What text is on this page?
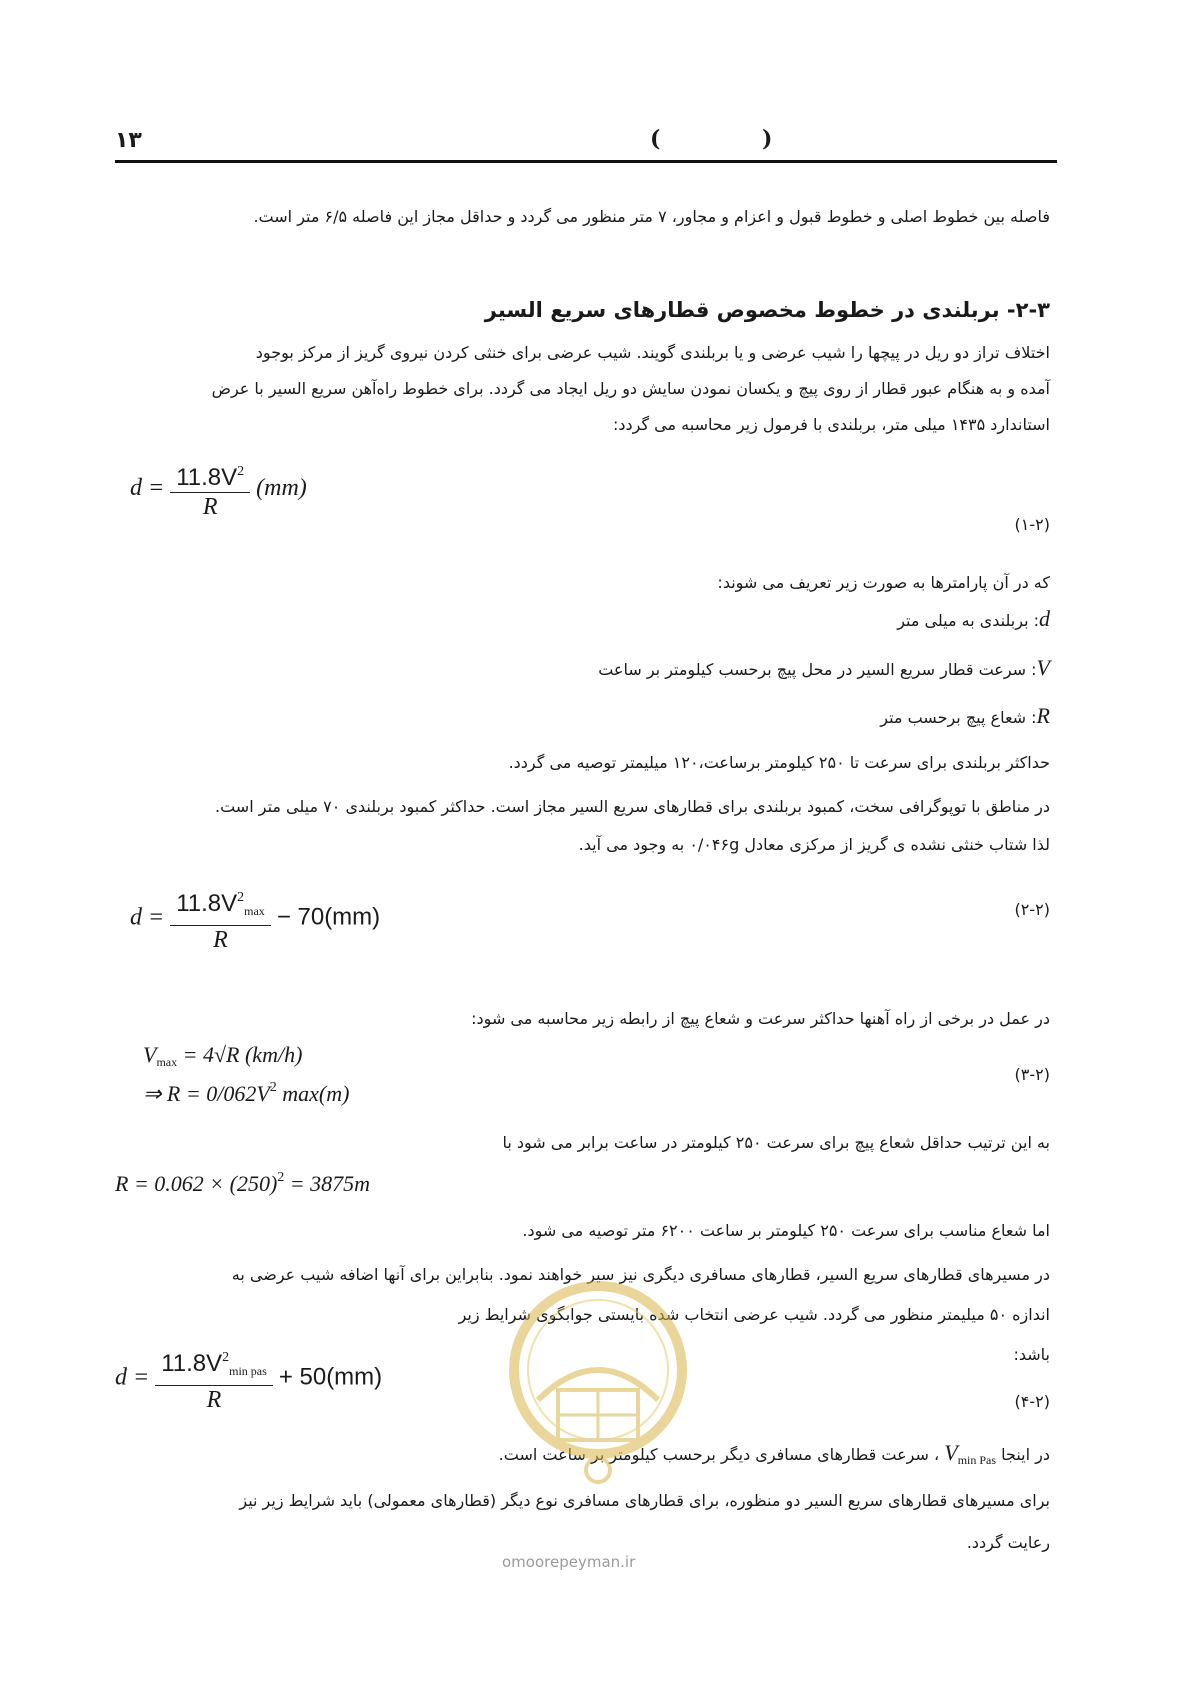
۱۳	(	)
فاصله بین خطوط اصلی و خطوط قبول و اعزام و مجاور، ۷ متر منظور می گردد و حداقل مجاز این فاصله ۶/۵ متر است.
۲-۳- بربلندی در خطوط مخصوص قطارهای سریع السیر
اختلاف تراز دو ریل در پیچها را شیب عرضی و یا بربلندی گویند. شیب عرضی برای خنثی کردن نیروی گریز از مرکز بوجود
آمده و به هنگام عبور قطار از روی پیچ و یکسان نمودن سایش دو ریل ایجاد می گردد. برای خطوط راه‌آهن سریع السیر با عرض
استاندارد ۱۴۳۵ میلی متر، بربلندی با فرمول زیر محاسبه می گردد:
$d = \frac{11.8V^2}{R} (mm)$
(۱-۲)
که در آن پارامترها به صورت زیر تعریف می شوند:
d: بربلندی به میلی متر
V: سرعت قطار سریع السیر در محل پیچ برحسب کیلومتر بر ساعت
R: شعاع پیچ برحسب متر
حداکثر بربلندی برای سرعت تا ۲۵۰ کیلومتر برساعت،۱۲۰ میلیمتر توصیه می گردد.
در مناطق با توپوگرافی سخت، کمبود بربلندی برای قطارهای سریع السیر مجاز است. حداکثر کمبود بربلندی ۷۰ میلی متر است.
لذا شتاب خنثی نشده ی گریز از مرکزی معادل ۰/۰۴۶g به وجود می آید.
$d = \frac{11.8V^2_{max}}{R} - 70(mm)$	(۲-۲)
در عمل در برخی از راه آهنها حداکثر سرعت و شعاع پیچ از رابطه زیر محاسبه می شود:
$V_{max} = 4√R$ (km/h)
⇒ $R = 0/062V^2$ max(m)
(۳-۲)
به این ترتیب حداقل شعاع پیچ برای سرعت ۲۵۰ کیلومتر در ساعت برابر می شود با
$R = 0.062 \times (250)^2 = 3875m$
اما شعاع مناسب برای سرعت ۲۵۰ کیلومتر بر ساعت ۶۲۰۰ متر توصیه می شود.
در مسیرهای قطارهای سریع السیر، قطارهای مسافری دیگری نیز سیر خواهند نمود. بنابراین برای آنها اضافه شیب عرضی به
اندازه ۵۰ میلیمتر منظور می گردد. شیب عرضی انتخاب شده بایستی جوابگوی شرایط زیر
باشد:
$d = \frac{11.8V^2_{min pas}}{R} + 50(mm)$
(۴-۲)
در اینجا $V_{min Pas}$ ، سرعت قطارهای مسافری دیگر برحسب کیلومتر بر ساعت است.
برای مسیرهای قطارهای سریع السیر دو منظوره، برای قطارهای مسافری نوع دیگر (قطارهای معمولی) باید شرایط زیر نیز
رعایت گردد.
omoorepeyman.ir
